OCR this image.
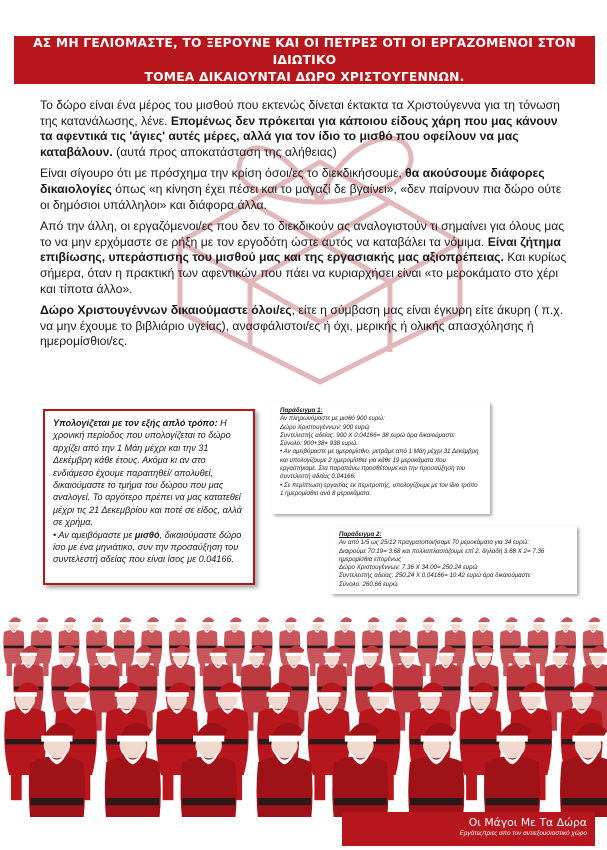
ΑΣ ΜΗ ΓΕΛΙΟΜΑΣΤΕ, ΤΟ ΞΕΡΟΥΝΕ ΚΑΙ ΟΙ ΠΕΤΡΕΣ ΟΤΙ ΟΙ ΕΡΓΑΖΟΜΕΝΟΙ ΣΤΟΝ ΙΔΙΩΤΙΚΟ
ΤΟΜΕΑ ΔΙΚΑΙΟΥΝΤΑΙ ΔΩΡΟ ΧΡΙΣΤΟΥΓΕΝΝΩΝ.

Το δώρο είναι ένα μέρος του μισθού που εκτενώς δίνεται έκτακτα τα Χριστούγεννα για τη τόνωση της κατανάλωσης, λένε. Επομένως δεν πρόκειται για κάποιου είδους χάρη που μας κάνουν τα αφεντικά τις 'άγιες' αυτές μέρες, αλλά για τον ίδιο το μισθό που οφείλουν να μας καταβάλουν. (αυτά προς αποκατάσταση της αλήθειας)

Είναι σίγουρο ότι με πρόσχημα την κρίση όσοι/ες το διεκδικήσουμε, θα ακούσουμε διάφορες δικαιολογίες όπως «η κίνηση έχει πέσει και το μαγαζί δε βγαίνει», «δεν παίρνουν πια δώρο ούτε οι δημόσιοι υπάλληλοι» και διάφορα άλλα.

Από την άλλη, οι εργαζόμενοι/ες που δεν το διεκδικούν ας αναλογιστούν τι σημαίνει για όλους μας το να μην ερχόμαστε σε ρήξη με τον εργοδότη ώστε αυτός να καταβάλει τα νόμιμα. Είναι ζήτημα επιβίωσης, υπεράσπισης του μισθού μας και της εργασιακής μας αξιοπρέπειας. Και κυρίως σήμερα, όταν η πρακτική των αφεντικών που πάει να κυριαρχήσει είναι «το μεροκάματο στο χέρι και τίποτα άλλο».

Δώρο Χριστουγέννων δικαιούμαστε όλοι/ες, είτε η σύμβαση μας είναι έγκυρη είτε άκυρη ( π.χ. να μην έχουμε το βιβλιάριο υγείας), ανασφάλιστοι/ες ή όχι, μερικής ή ολικής απασχόλησης ή ημερομίσθιοι/ες.

Υπολογίζεται με τον εξής απλό τρόπο: Η χρονική περίοδος που υπολογίζεται το δώρο αρχίζει από την 1 Μάη μέχρι και την 31 Δεκέμβρη κάθε έτους. Ακόμα κι αν στο ενδιάμεσο έχουμε παραιτηθεί/ απολυθεί, δικαιούμαστε το τμήμα του δώρου που μας αναλογεί. Το αργότερο πρέπει να μας κατατεθεί μέχρι τις 21 Δεκεμβρίου και ποτέ σε είδος, αλλά σε χρήμα.
• Αν αμειβόμαστε με μισθό, δικαιούμαστε δώρο ίσο με ένα μηνιάτικο, συν την προσαύξηση του συντελεστή αδείας που είναι ίσος με 0.04166.
Παράδειγμα 1:
Αν πληρωνόμαστε με μισθό 900 ευρώ:
Δώρο Χριστουγέννων: 900 ευρώ
Συντελεστής αδείας: 900 X 0.04166= 38 ευρώ άρα δικαιούμαστε
Σύνολο: 900+38= 938 ευρώ.
• Αν αμειβόμαστε με ημερομίσθιο, μετράμε από 1 Μάη μέχρι 31 Δεκέμβρη και υπολογίζουμε 2 ημερομίσθια για κάθε 19 μεροκάματα που εργαστήκαμε. Στα παραπάνω προσθέτουμε και την προσαύξηση του συντελεστή αδείας 0.04166.
• Σε περίπτωση εργασίας εκ περιτροπής, υπολογίζουμε με τον ίδιο τρόπο 1 ημερομίσθιο ανά 8 μεροκάματα.
Παράδειγμα 2:
Αν από 1/5 ως 25/12 πραγματοποιήσαμε 70 μεροκάματα για 34 ευρώ:
Διαιρούμε 70:19= 3.68 και πολλαπλασιάζουμε επί 2, δηλαδή 3.68 X 2= 7.36 ημερομίσθια επομένως
Δώρο Χριστουγέννων: 7.36 X 34.00= 250.24 ευρώ
Συντελεστής αδείας: 250.24 X 0.04166= 10.42 ευρώ άρα δικαιούμαστε
Σύνολο: 260.66 ευρώ
Οι Μάγοι Με Τα Δώρα
Εργάτες/τριες απο τον αντιεξουσιαστικό χώρο
